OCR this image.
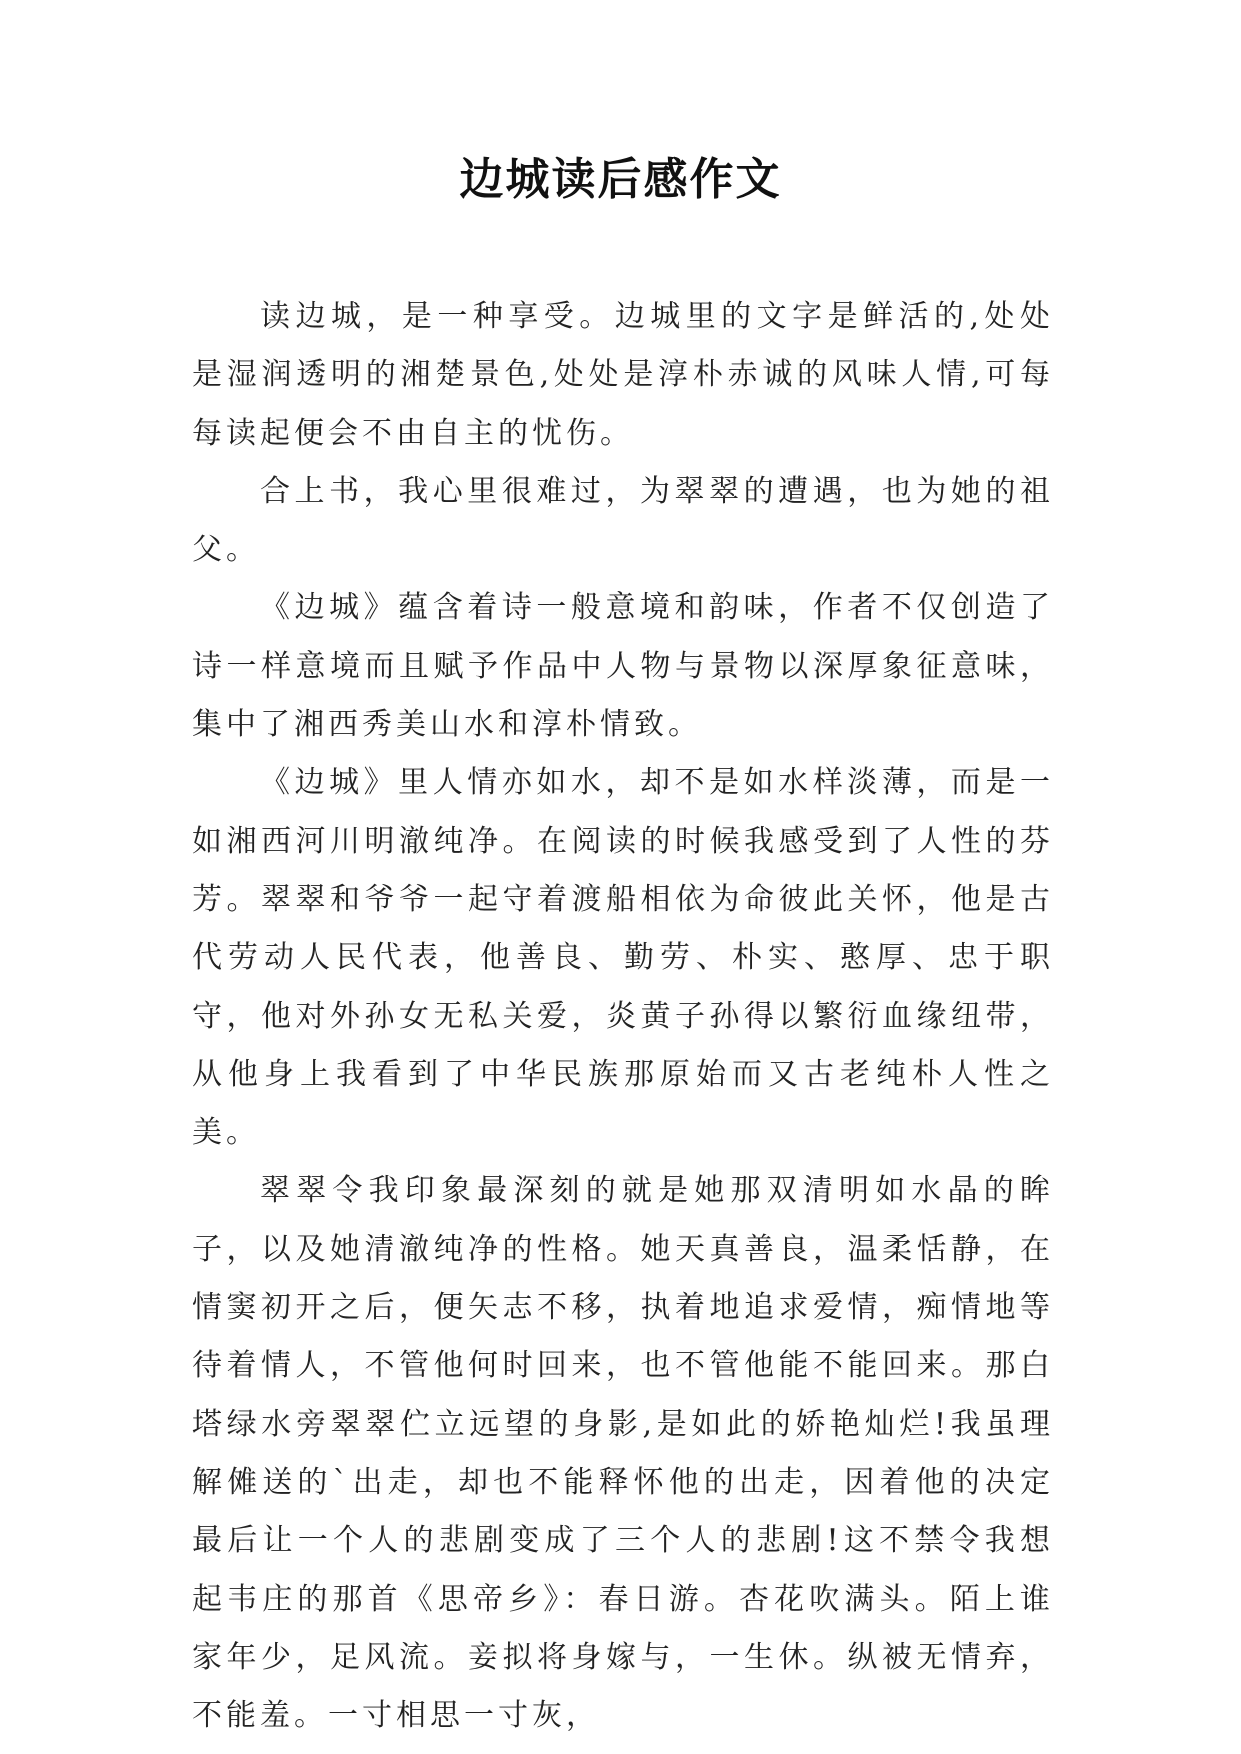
边城读后感作文

读边城，是一种享受。边城里的文字是鲜活的,处处是湿润透明的湘楚景色,处处是淳朴赤诚的风味人情,可每每读起便会不由自主的忧伤。

合上书，我心里很难过，为翠翠的遭遇，也为她的祖父。

《边城》蕴含着诗一般意境和韵味，作者不仅创造了诗一样意境而且赋予作品中人物与景物以深厚象征意味，集中了湘西秀美山水和淳朴情致。

《边城》里人情亦如水，却不是如水样淡薄，而是一如湘西河川明澈纯净。在阅读的时候我感受到了人性的芬芳。翠翠和爷爷一起守着渡船相依为命彼此关怀，他是古代劳动人民代表，他善良、勤劳、朴实、憨厚、忠于职守，他对外孙女无私关爱，炎黄子孙得以繁衍血缘纽带，从他身上我看到了中华民族那原始而又古老纯朴人性之美。

翠翠令我印象最深刻的就是她那双清明如水晶的眸子，以及她清澈纯净的性格。她天真善良，温柔恬静，在情窦初开之后，便矢志不移，执着地追求爱情，痴情地等待着情人，不管他何时回来，也不管他能不能回来。那白塔绿水旁翠翠伫立远望的身影,是如此的娇艳灿烂!我虽理解傩送的`出走，却也不能释怀他的出走，因着他的决定最后让一个人的悲剧变成了三个人的悲剧!这不禁令我想起韦庄的那首《思帝乡》：春日游。杏花吹满头。陌上谁家年少，足风流。妾拟将身嫁与，一生休。纵被无情弃，不能羞。一寸相思一寸灰，
